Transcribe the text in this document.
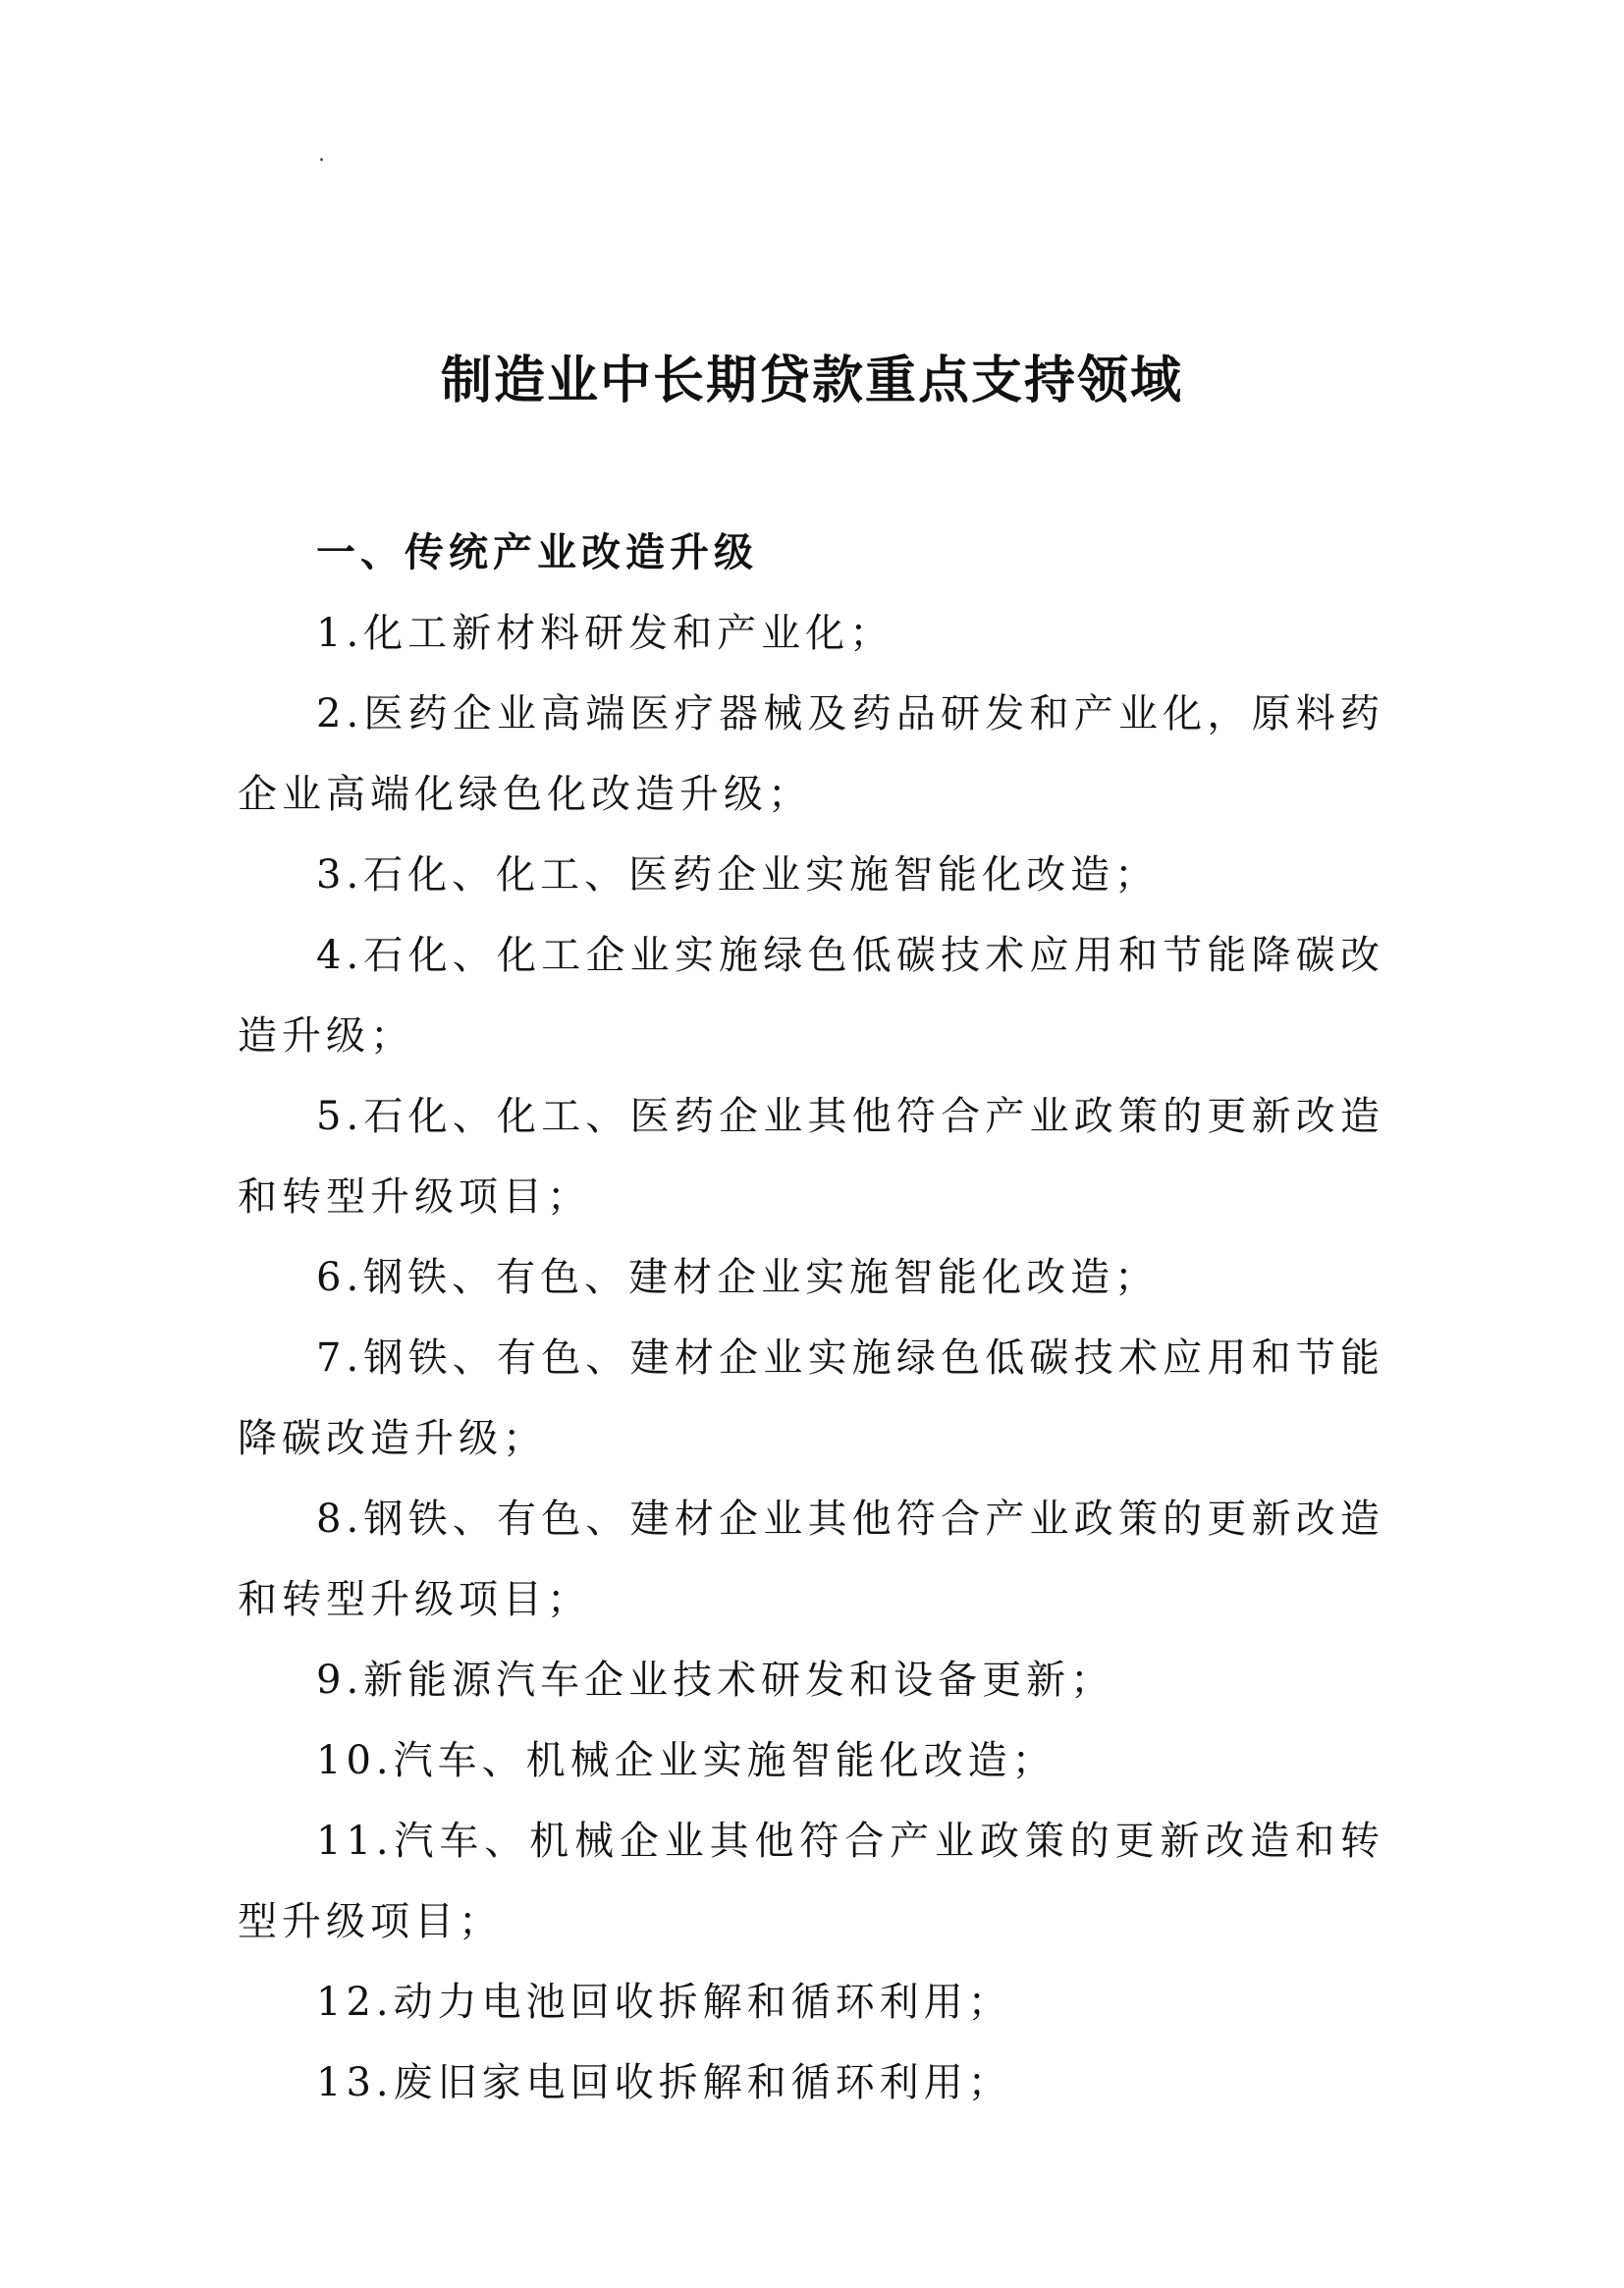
制造业中长期贷款重点支持领域

一、传统产业改造升级

1.化工新材料研发和产业化；

2.医药企业高端医疗器械及药品研发和产业化，原料药企业高端化绿色化改造升级；

3.石化、化工、医药企业实施智能化改造；

4.石化、化工企业实施绿色低碳技术应用和节能降碳改造升级；

5.石化、化工、医药企业其他符合产业政策的更新改造和转型升级项目；

6.钢铁、有色、建材企业实施智能化改造；

7.钢铁、有色、建材企业实施绿色低碳技术应用和节能降碳改造升级；

8.钢铁、有色、建材企业其他符合产业政策的更新改造和转型升级项目；

9.新能源汽车企业技术研发和设备更新；

10.汽车、机械企业实施智能化改造；

11.汽车、机械企业其他符合产业政策的更新改造和转型升级项目；

12.动力电池回收拆解和循环利用；

13.废旧家电回收拆解和循环利用；
